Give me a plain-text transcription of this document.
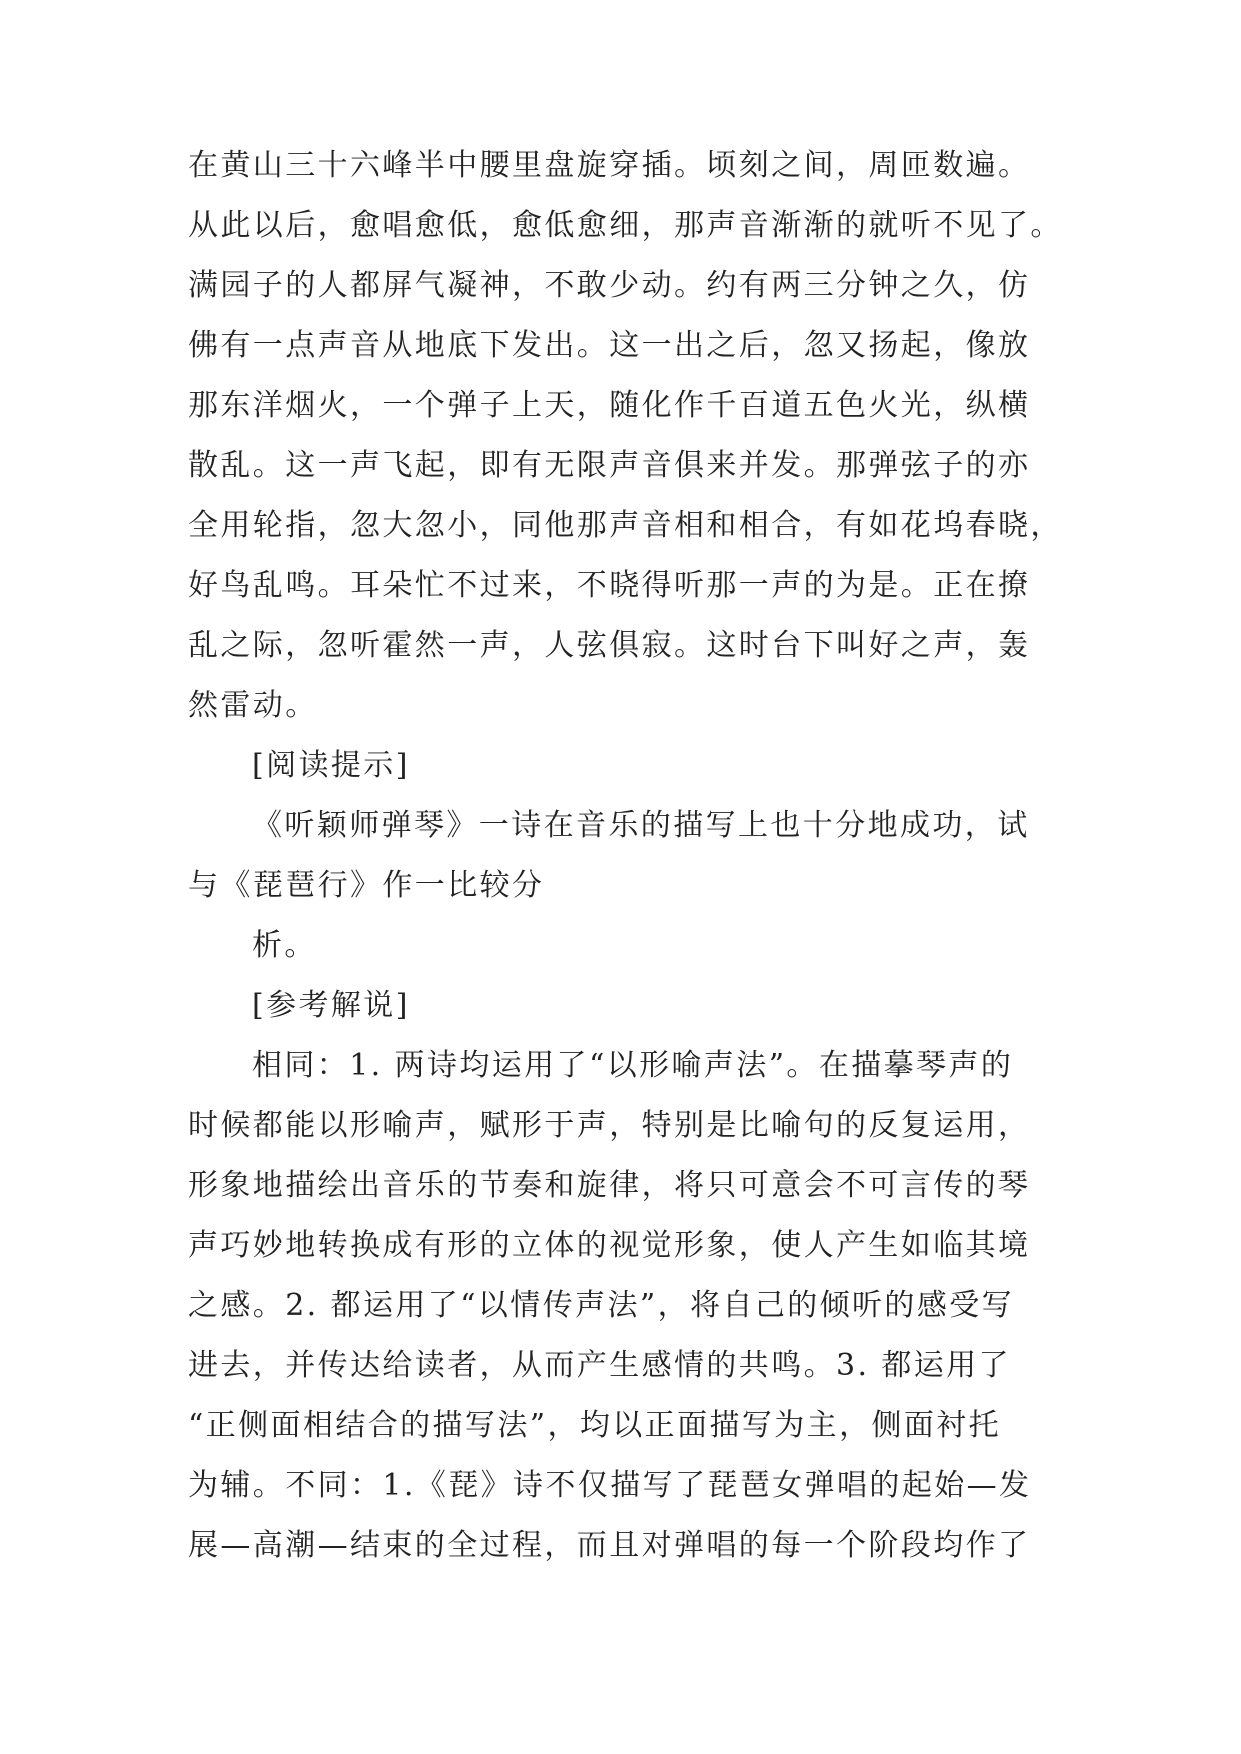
在黄山三十六峰半中腰里盘旋穿插。顷刻之间，周匝数遍。
从此以后，愈唱愈低，愈低愈细，那声音渐渐的就听不见了。
满园子的人都屏气凝神，不敢少动。约有两三分钟之久，仿
佛有一点声音从地底下发出。这一出之后，忽又扬起，像放
那东洋烟火，一个弹子上天，随化作千百道五色火光，纵横
散乱。这一声飞起，即有无限声音俱来并发。那弹弦子的亦
全用轮指，忽大忽小，同他那声音相和相合，有如花坞春晓，
好鸟乱鸣。耳朵忙不过来，不晓得听那一声的为是。正在撩
乱之际，忽听霍然一声，人弦俱寂。这时台下叫好之声，轰
然雷动。
[阅读提示]
《听颖师弹琴》一诗在音乐的描写上也十分地成功，试
与《琵琶行》作一比较分
析。
[参考解说]
相同：1. 两诗均运用了“以形喻声法”。在描摹琴声的
时候都能以形喻声，赋形于声，特别是比喻句的反复运用，
形象地描绘出音乐的节奏和旋律，将只可意会不可言传的琴
声巧妙地转换成有形的立体的视觉形象，使人产生如临其境
之感。2. 都运用了“以情传声法”，将自己的倾听的感受写
进去，并传达给读者，从而产生感情的共鸣。3. 都运用了
“正侧面相结合的描写法”，均以正面描写为主，侧面衬托
为辅。不同：1.《琵》诗不仅描写了琵琶女弹唱的起始—发
展—高潮—结束的全过程，而且对弹唱的每一个阶段均作了
